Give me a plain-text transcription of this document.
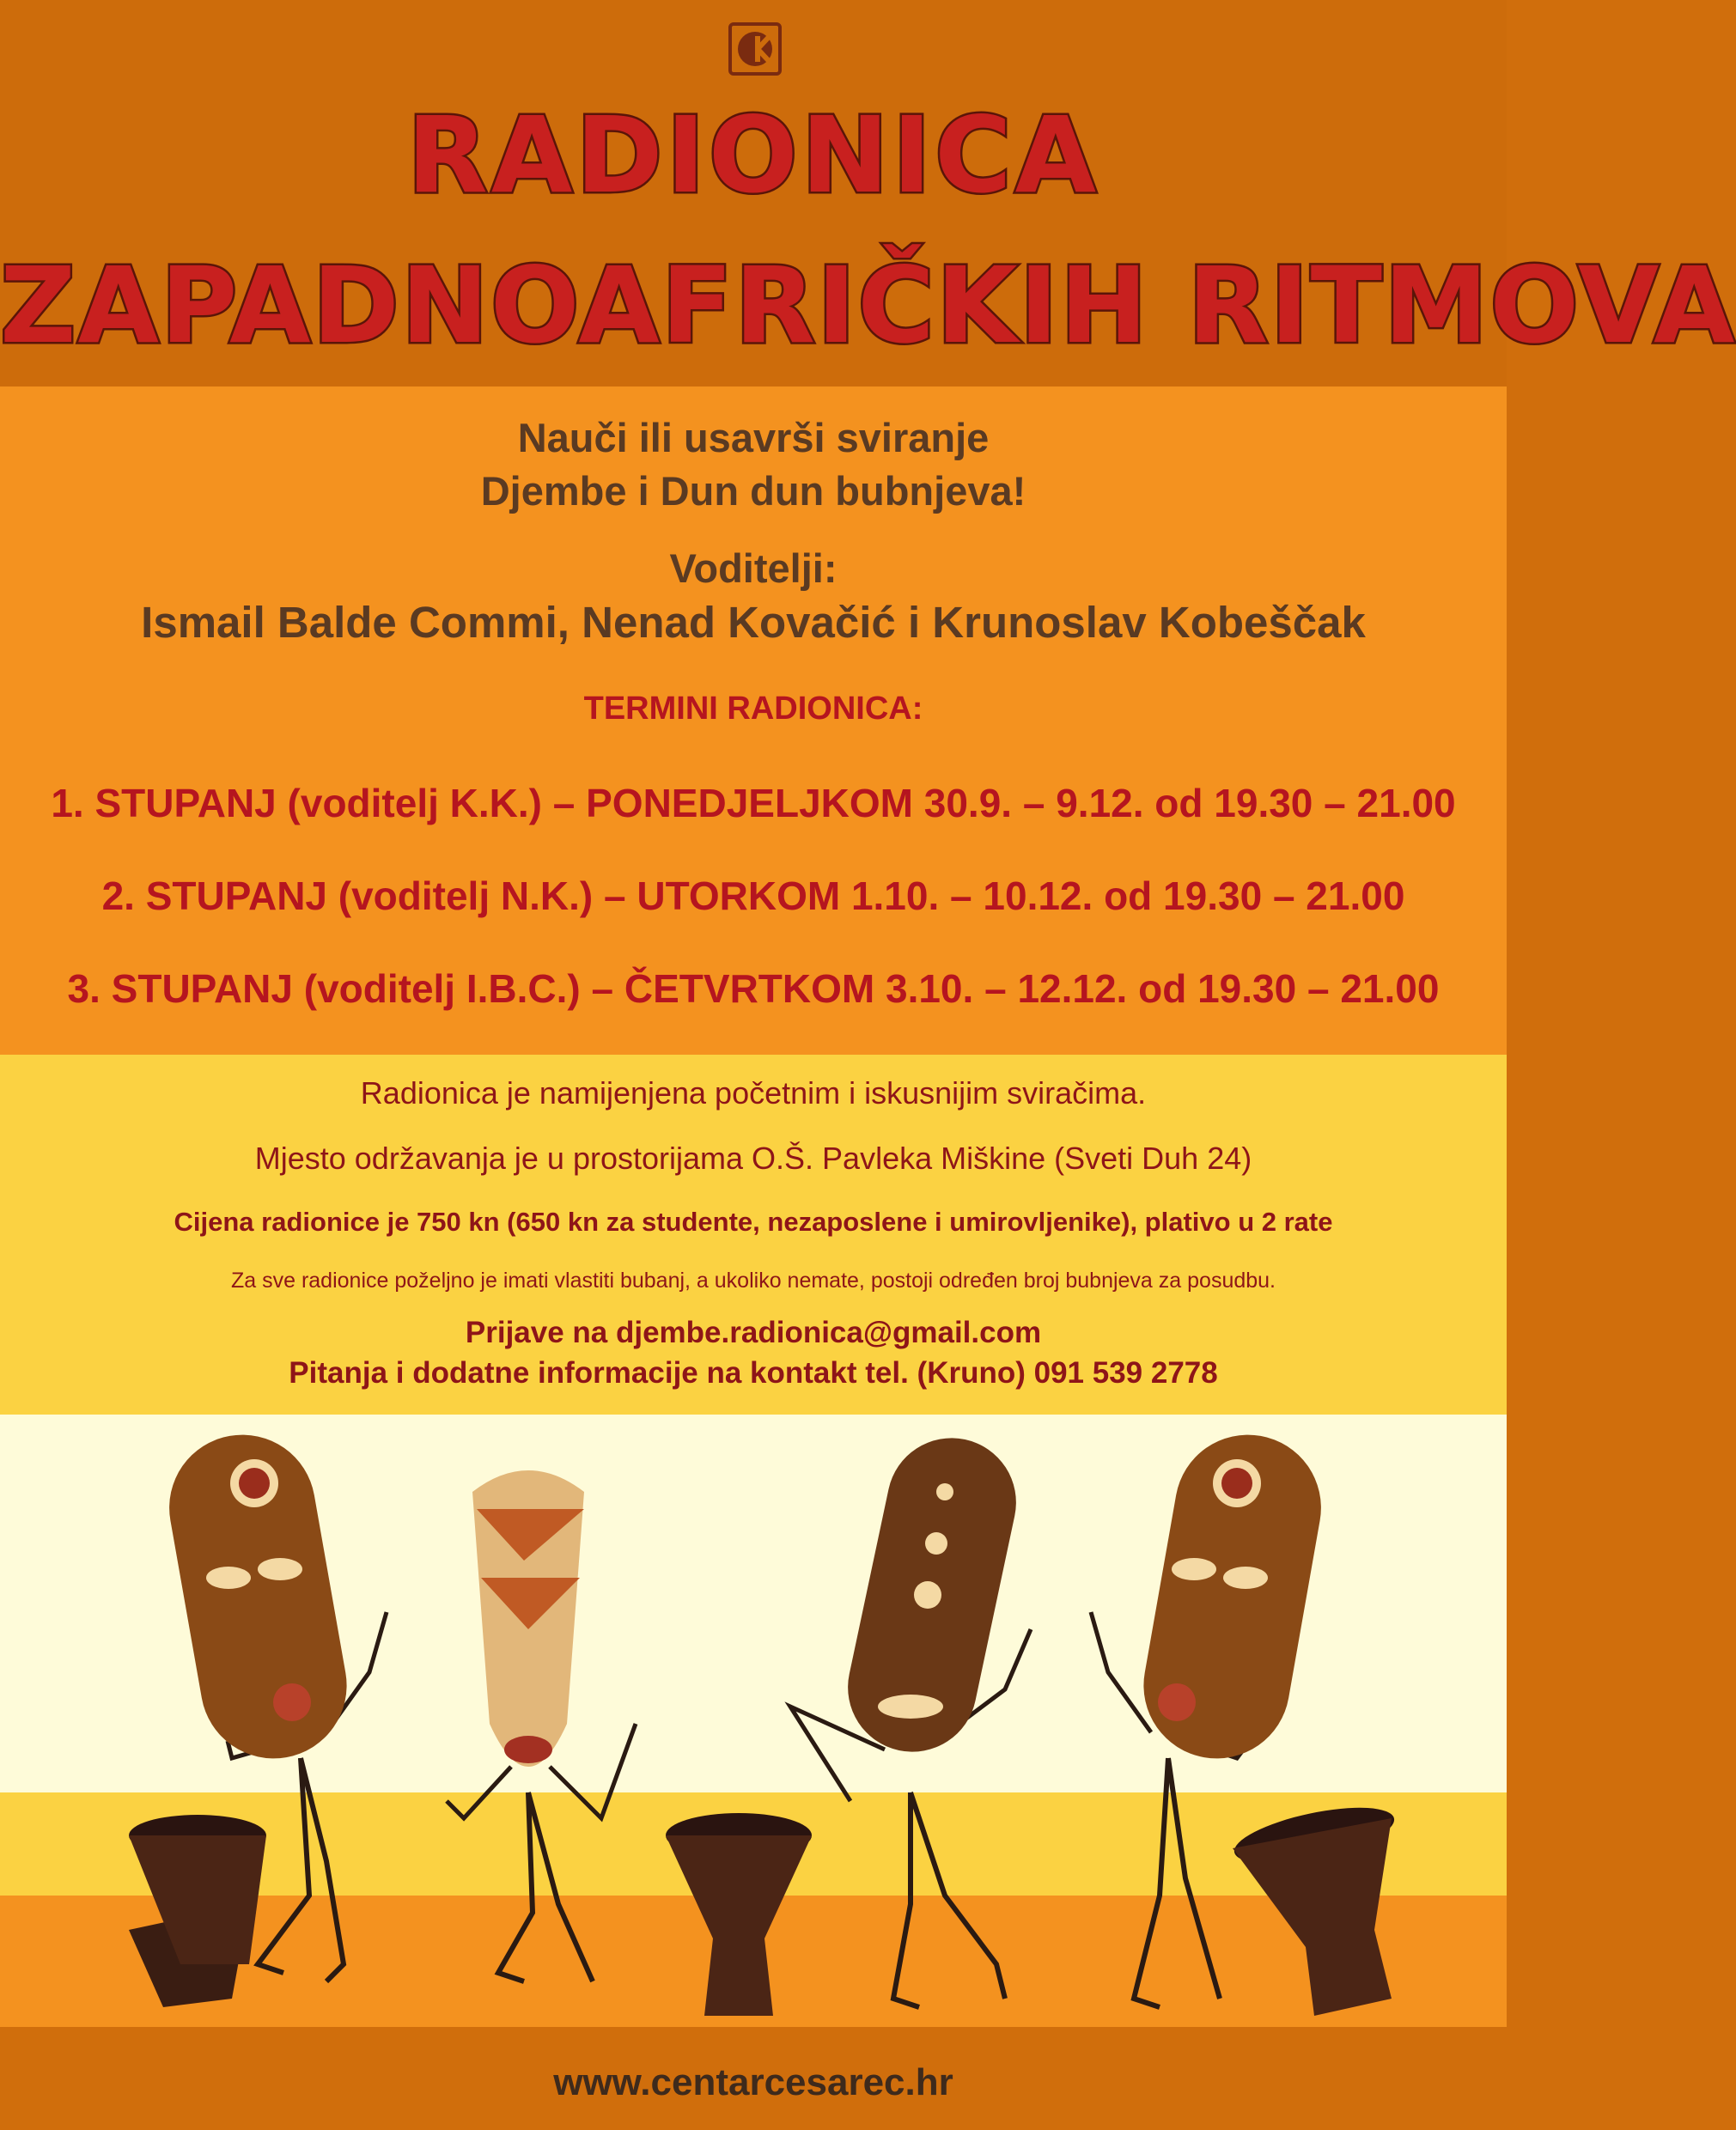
RADIONICA
ZAPADNOAFRIČKIH RITMOVA
Nauči ili usavrši sviranje
Djembe i Dun dun bubnjeva!
Voditelji:
Ismail Balde Commi, Nenad Kovačić i Krunoslav Kobeščak
TERMINI RADIONICA:
1. STUPANJ (voditelj K.K.) – PONEDJELJKOM 30.9. – 9.12. od 19.30 – 21.00
2. STUPANJ (voditelj N.K.) – UTORKOM 1.10. – 10.12. od 19.30 – 21.00
3. STUPANJ (voditelj I.B.C.) – ČETVRTKOM 3.10. – 12.12. od 19.30 – 21.00
Radionica je namijenjena početnim i iskusnijim sviračima.
Mjesto održavanja je u prostorijama O.Š. Pavleka Miškine (Sveti Duh 24)
Cijena radionice je 750 kn (650 kn za studente, nezaposlene i umirovljenike), plativo u 2 rate
Za sve radionice poželjno je imati vlastiti bubanj, a ukoliko nemate, postoji određen broj bubnjeva za posudbu.
Prijave na djembe.radionica@gmail.com
Pitanja i dodatne informacije na kontakt tel. (Kruno) 091 539 2778
www.centarcesarec.hr
